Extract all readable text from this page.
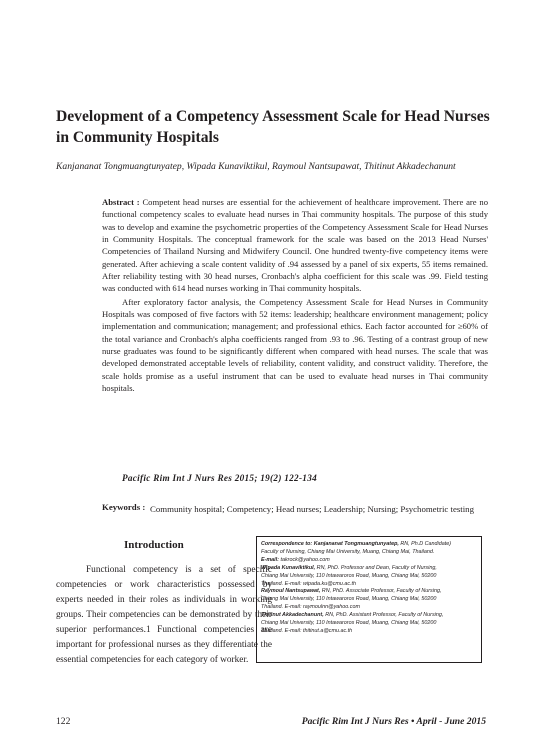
Development of a Competency Assessment Scale for Head Nurses
in Community Hospitals
Kanjananat Tongmuangtunyatep, Wipada Kunaviktikul, Raymoul Nantsupawat, Thitinut Akkadechanunt

Abstract : Competent head nurses are essential for the achievement of healthcare improvement. There are no functional competency scales to evaluate head nurses in Thai community hospitals. The purpose of this study was to develop and examine the psychometric properties of the Competency Assessment Scale for Head Nurses in Community Hospitals. The conceptual framework for the scale was based on the 2013 Head Nurses' Competencies of Thailand Nursing and Midwifery Council. One hundred twenty-five competency items were generated. After achieving a scale content validity of .94 assessed by a panel of six experts, 55 items remained. After reliability testing with 30 head nurses, Cronbach's alpha coefficient for this scale was .99. Field testing was conducted with 614 head nurses working in Thai community hospitals.

After exploratory factor analysis, the Competency Assessment Scale for Head Nurses in Community Hospitals was composed of five factors with 52 items: leadership; healthcare environment management; policy implementation and communication; management; and professional ethics. Each factor accounted for ≥60% of the total variance and Cronbach's alpha coefficients ranged from .93 to .96. Testing of a contrast group of new nurse graduates was found to be significantly different when compared with head nurses. The scale that was developed demonstrated acceptable levels of reliability, content validity, and construct validity. Therefore, the scale holds promise as a useful instrument that can be used to evaluate head nurses in Thai community hospitals.

Pacific Rim Int J Nurs Res 2015; 19(2) 122-134
Keywords : Community hospital; Competency; Head nurses; Leadership; Nursing; Psychometric testing
Introduction

Functional competency is a set of specific competencies or work characteristics possessed by experts needed in their roles as individuals in working groups. Their competencies can be demonstrated by their superior performances.1 Functional competencies are important for professional nurses as they differentiate the essential competencies for each category of worker.

Correspondence to: Kanjananat Tongmuangtunyatep, RN, Ph.D Candidate)
Faculty of Nursing, Chiang Mai University, Muang, Chiang Mai, Thailand.
E-mail: takrock@yahoo.com
Wipada Kunaviktikul, RN, PhD. Professor and Dean, Faculty of Nursing,
Chiang Mai University, 110 Intawaroros Road, Muang, Chiang Mai, 50200
Thailand. E-mail: wipada.ku@cmu.ac.th
Raymoul Nantsupawat, RN, PhD. Associate Professor, Faculty of Nursing,
Chiang Mai University, 110 Intawaroros Road, Muang, Chiang Mai, 50200
Thailand. E-mail: raymoulnn@yahoo.com
Thitinut Akkadechanunt, RN, PhD. Assistant Professor, Faculty of Nursing,
Chiang Mai University, 110 Intawaroros Road, Muang, Chiang Mai, 50200
Thailand. E-mail: thitinut.a@cmu.ac.th
122	Pacific Rim Int J Nurs Res • April - June 2015
